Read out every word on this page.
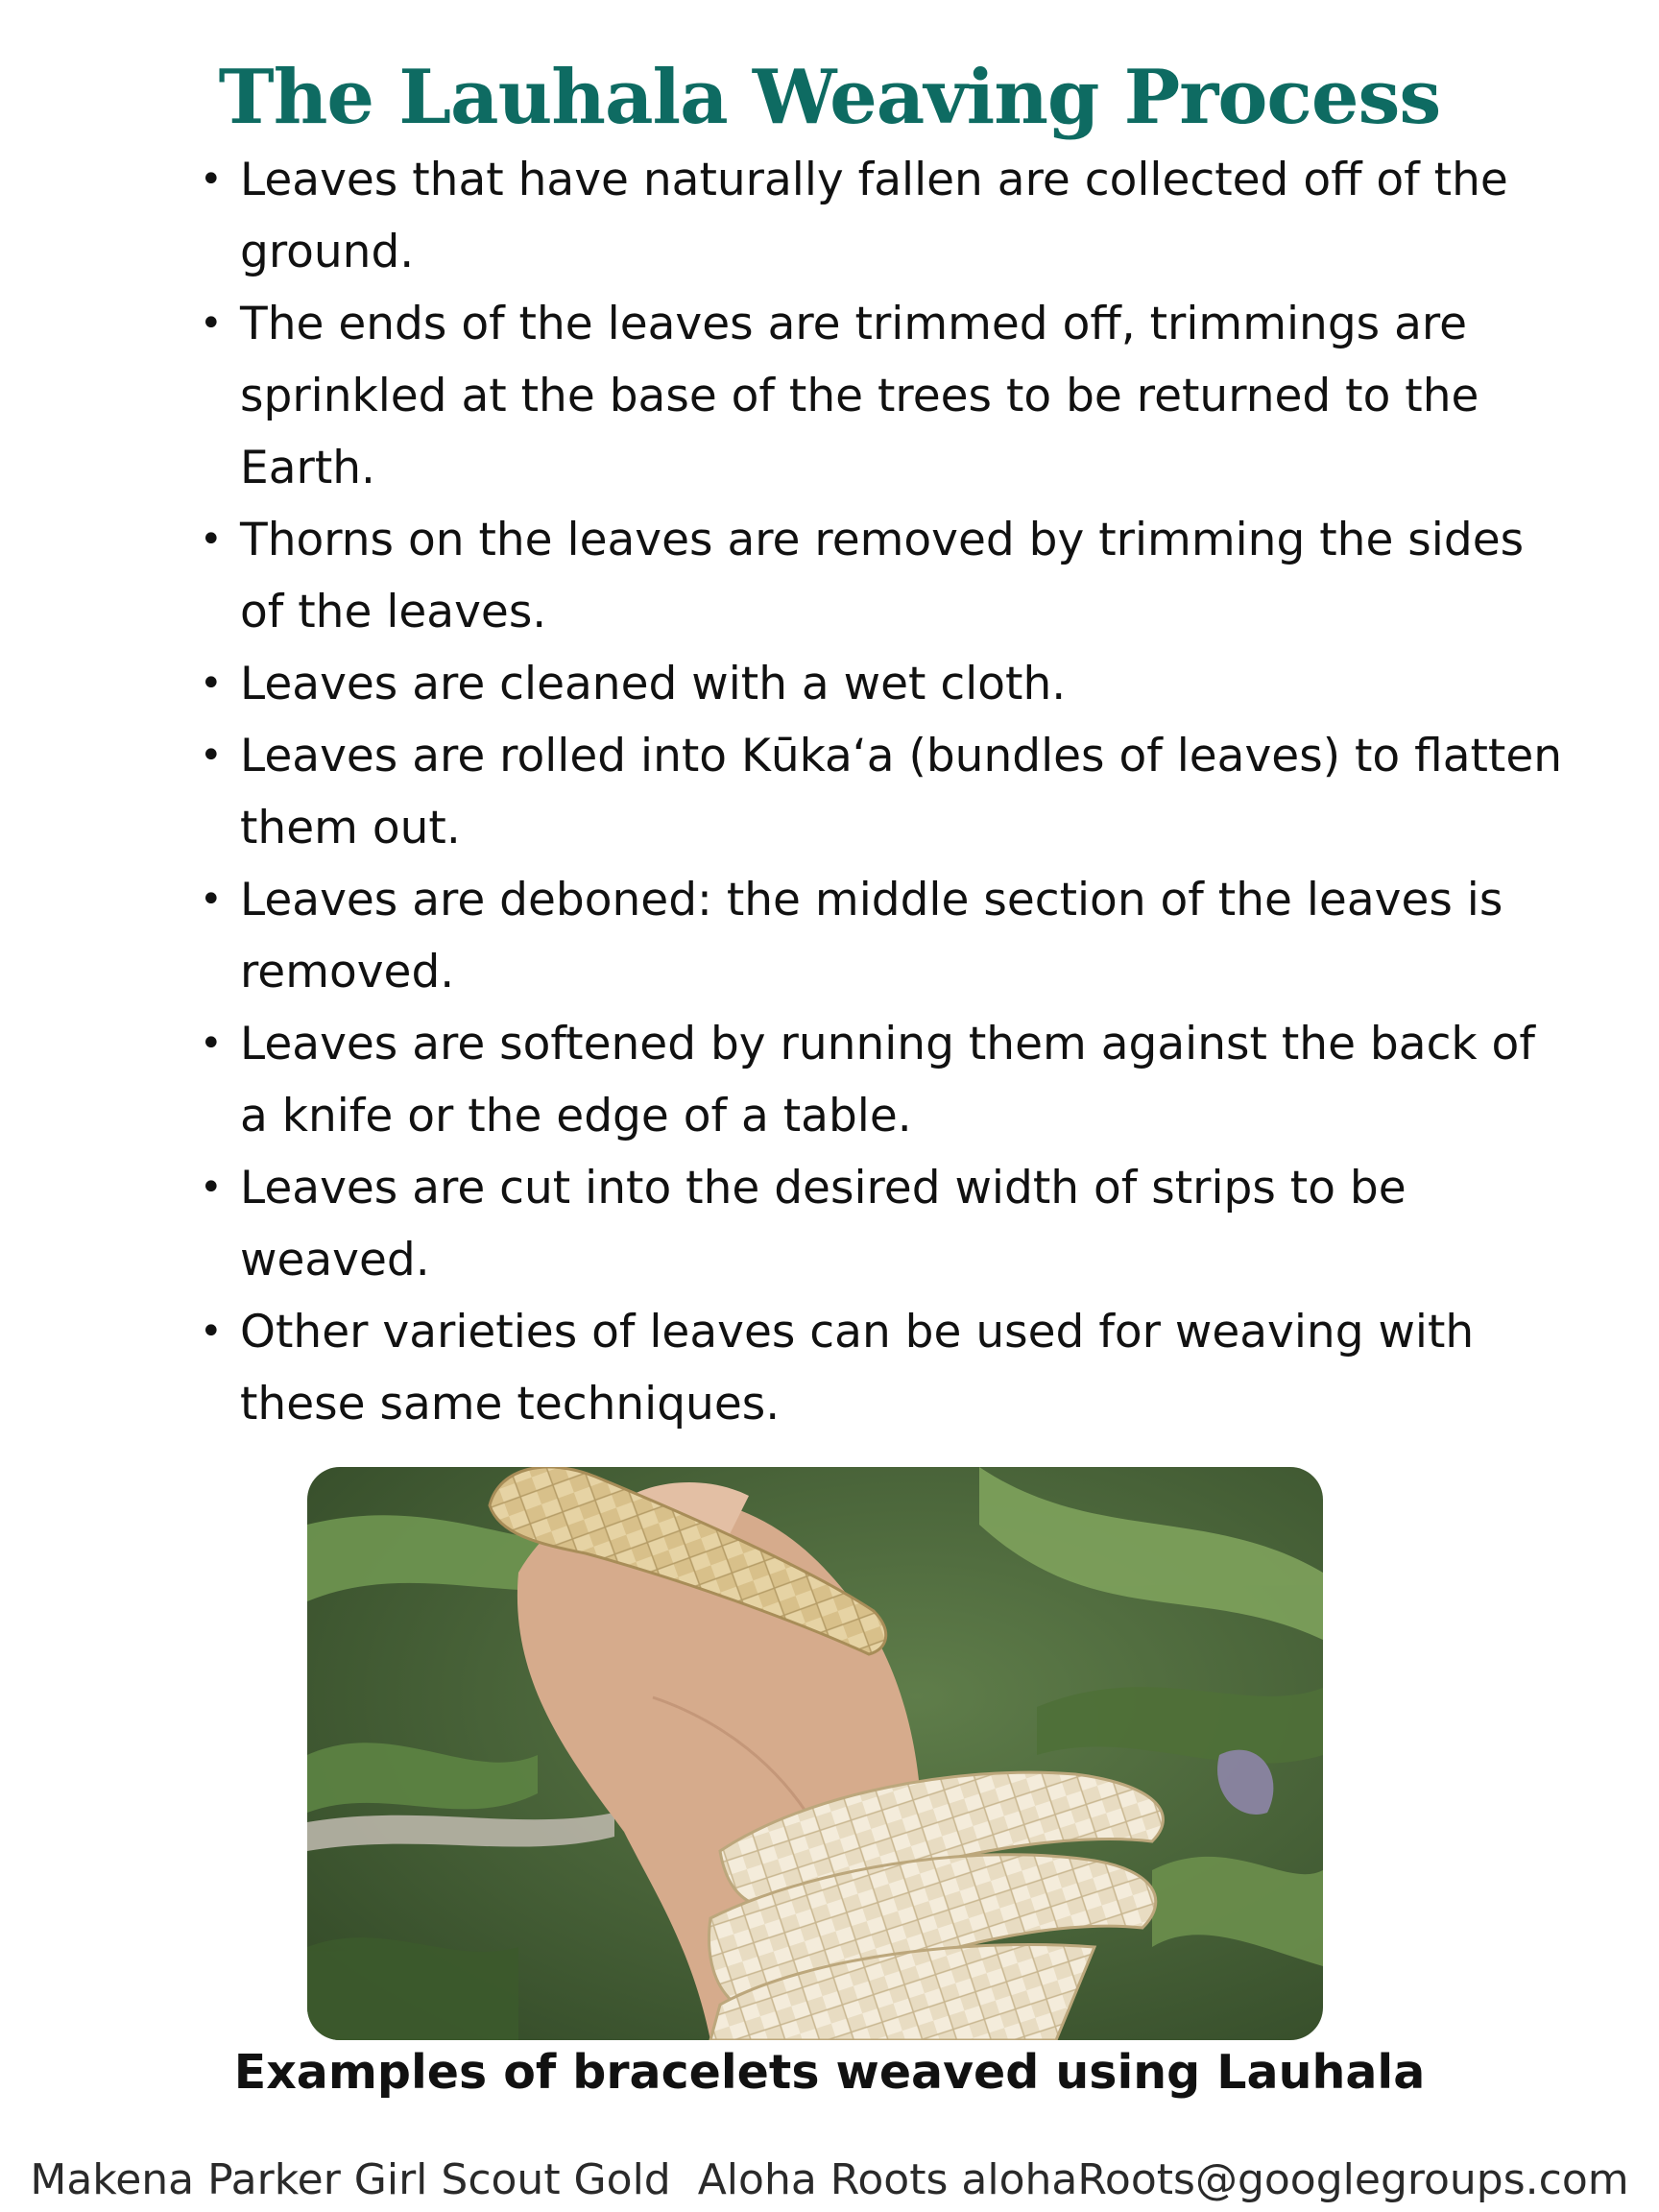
The Lauhala Weaving Process
• Leaves that have naturally fallen are collected off of the ground.
• The ends of the leaves are trimmed off, trimmings are sprinkled at the base of the trees to be returned to the Earth.
• Thorns on the leaves are removed by trimming the sides of the leaves.
• Leaves are cleaned with a wet cloth.
• Leaves are rolled into Kūka‘a (bundles of leaves) to flatten them out.
• Leaves are deboned: the middle section of the leaves is removed.
• Leaves are softened by running them against the back of a knife or the edge of a table.
• Leaves are cut into the desired width of strips to be weaved.
• Other varieties of leaves can be used for weaving with these same techniques.
Examples of bracelets weaved using Lauhala
Makena Parker Girl Scout Gold  Aloha Roots alohaRoots@googlegroups.com
